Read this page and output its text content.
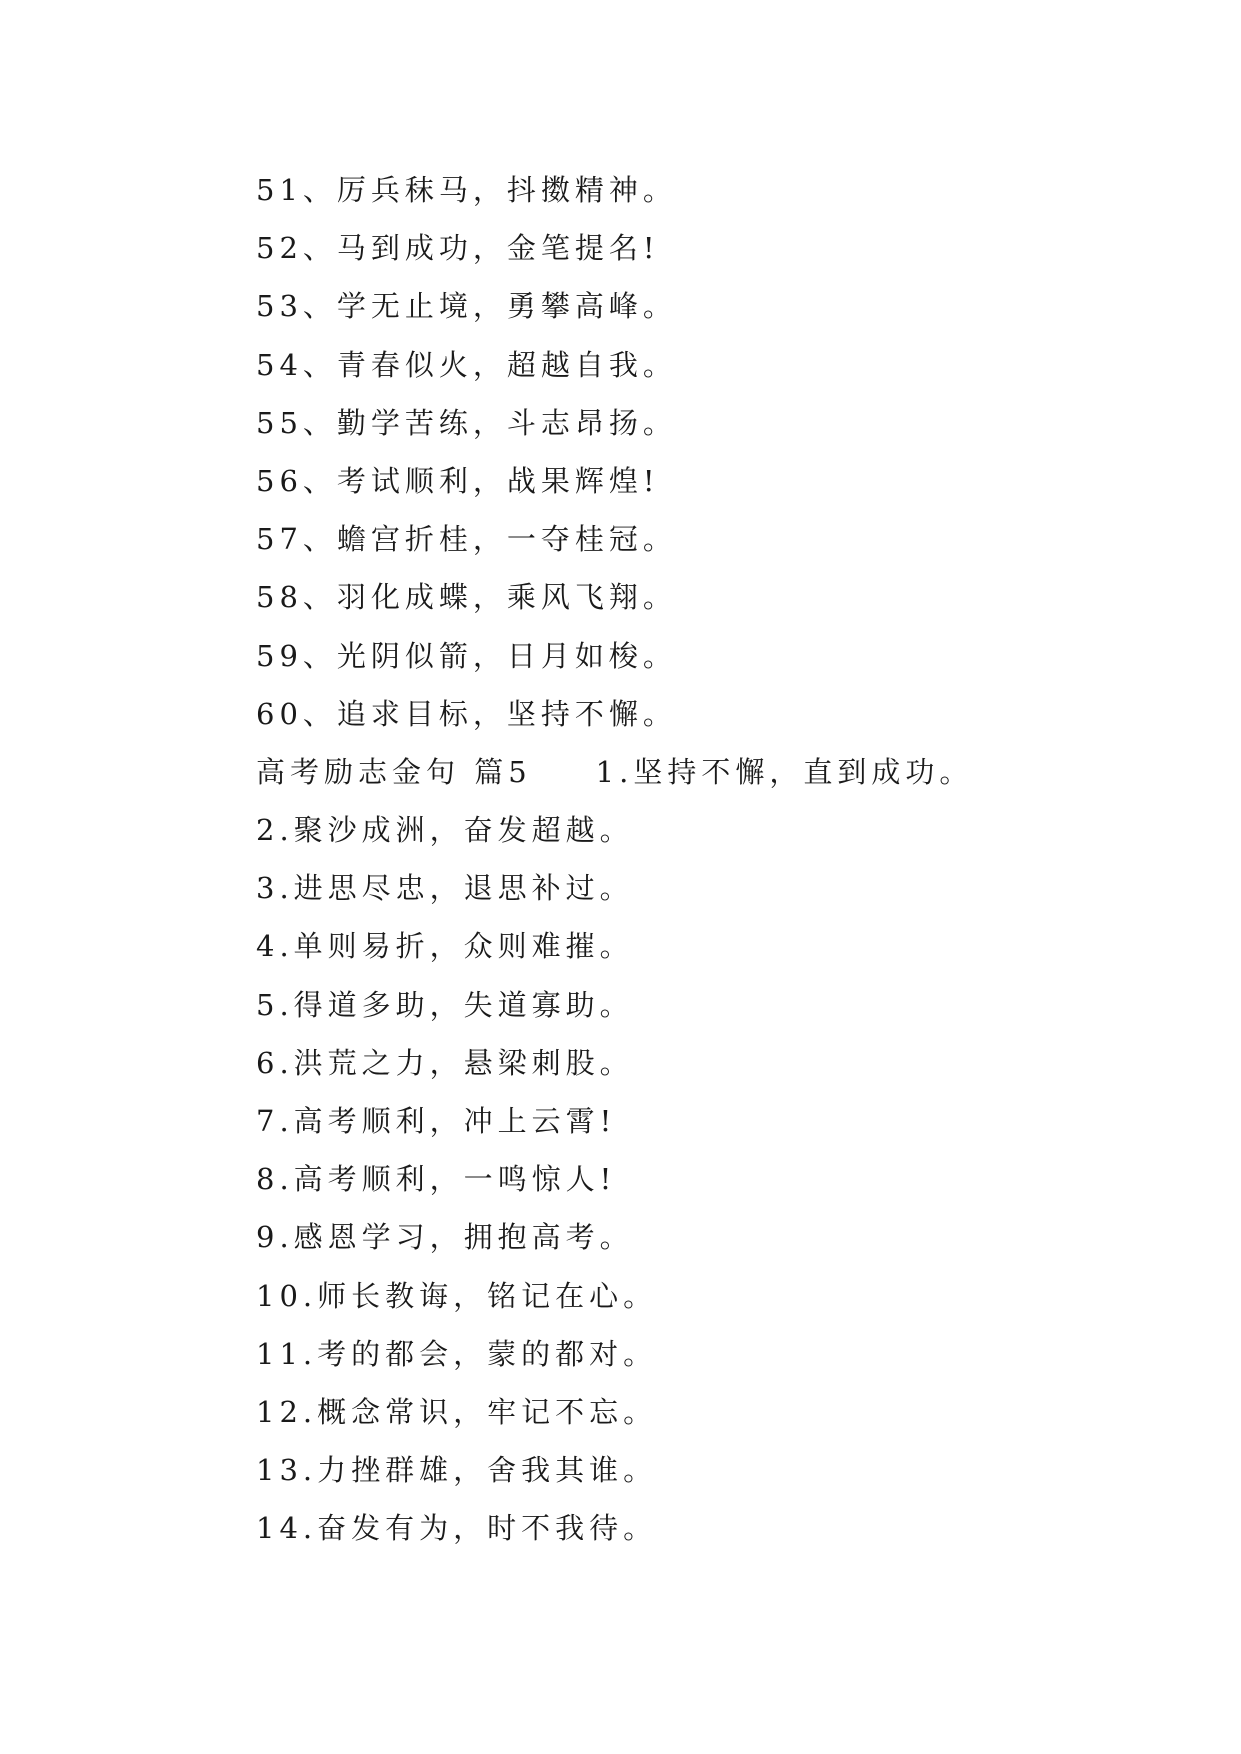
51、厉兵秣马，抖擞精神。
52、马到成功，金笔提名!
53、学无止境，勇攀高峰。
54、青春似火，超越自我。
55、勤学苦练，斗志昂扬。
56、考试顺利，战果辉煌!
57、蟾宫折桂，一夺桂冠。
58、羽化成蝶，乘风飞翔。
59、光阴似箭，日月如梭。
60、追求目标，坚持不懈。
高考励志金句 篇5 1.坚持不懈，直到成功。
2.聚沙成洲，奋发超越。
3.进思尽忠，退思补过。
4.单则易折，众则难摧。
5.得道多助，失道寡助。
6.洪荒之力，悬梁刺股。
7.高考顺利，冲上云霄!
8.高考顺利，一鸣惊人!
9.感恩学习，拥抱高考。
10.师长教诲，铭记在心。
11.考的都会，蒙的都对。
12.概念常识，牢记不忘。
13.力挫群雄，舍我其谁。
14.奋发有为，时不我待。
